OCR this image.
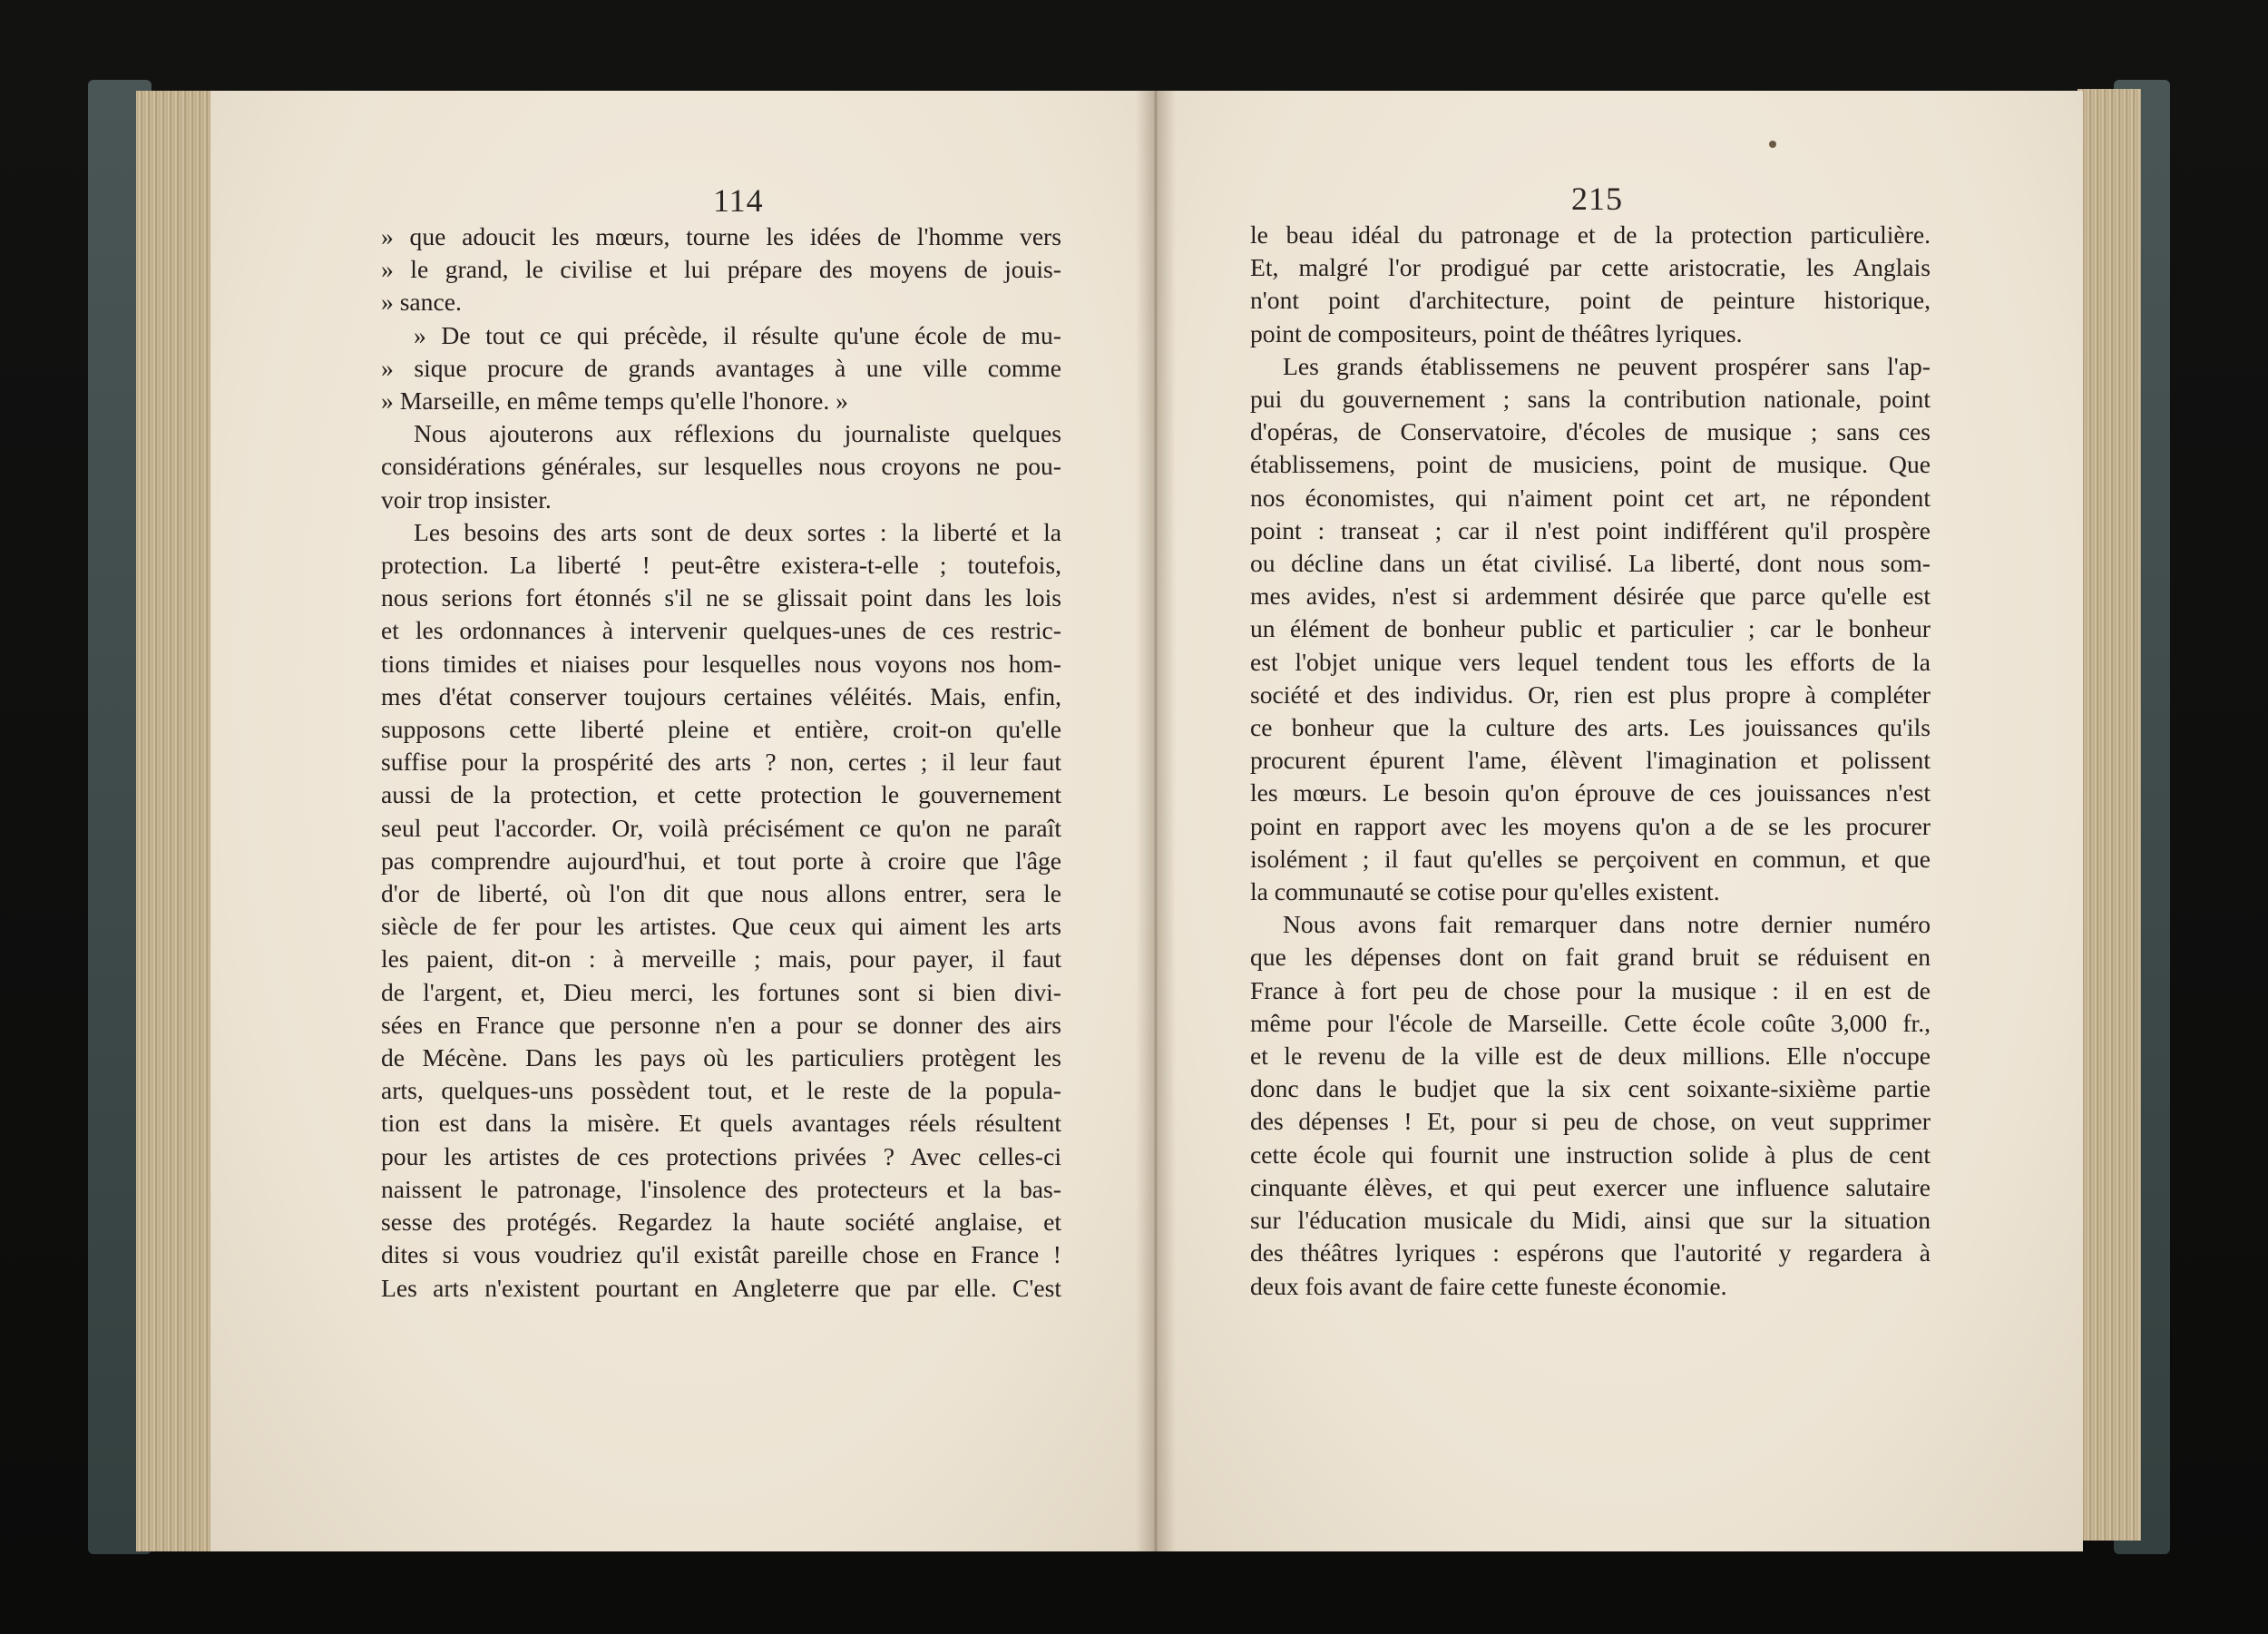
114	215
» que adoucit les mœurs, tourne les idées de l'homme vers
» le grand, le civilise et lui prépare des moyens de jouis-
» sance.
» De tout ce qui précède, il résulte qu'une école de mu-
» sique procure de grands avantages à une ville comme
» Marseille, en même temps qu'elle l'honore. »
Nous ajouterons aux réflexions du journaliste quelques
considérations générales, sur lesquelles nous croyons ne pou-
voir trop insister.
Les besoins des arts sont de deux sortes : la liberté et la
protection. La liberté ! peut-être existera-t-elle ; toutefois,
nous serions fort étonnés s'il ne se glissait point dans les lois
et les ordonnances à intervenir quelques-unes de ces restric-
tions timides et niaises pour lesquelles nous voyons nos hom-
mes d'état conserver toujours certaines véléités. Mais, enfin,
supposons cette liberté pleine et entière, croit-on qu'elle
suffise pour la prospérité des arts ? non, certes ; il leur faut
aussi de la protection, et cette protection le gouvernement
seul peut l'accorder. Or, voilà précisément ce qu'on ne paraît
pas comprendre aujourd'hui, et tout porte à croire que l'âge
d'or de liberté, où l'on dit que nous allons entrer, sera le
siècle de fer pour les artistes. Que ceux qui aiment les arts
les paient, dit-on : à merveille ; mais, pour payer, il faut
de l'argent, et, Dieu merci, les fortunes sont si bien divi-
sées en France que personne n'en a pour se donner des airs
de Mécène. Dans les pays où les particuliers protègent les
arts, quelques-uns possèdent tout, et le reste de la popula-
tion est dans la misère. Et quels avantages réels résultent
pour les artistes de ces protections privées ? Avec celles-ci
naissent le patronage, l'insolence des protecteurs et la bas-
sesse des protégés. Regardez la haute société anglaise, et
dites si vous voudriez qu'il existât pareille chose en France !
Les arts n'existent pourtant en Angleterre que par elle. C'est
le beau idéal du patronage et de la protection particulière.
Et, malgré l'or prodigué par cette aristocratie, les Anglais
n'ont point d'architecture, point de peinture historique,
point de compositeurs, point de théâtres lyriques.
Les grands établissemens ne peuvent prospérer sans l'ap-
pui du gouvernement ; sans la contribution nationale, point
d'opéras, de Conservatoire, d'écoles de musique ; sans ces
établissemens, point de musiciens, point de musique. Que
nos économistes, qui n'aiment point cet art, ne répondent
point : transeat ; car il n'est point indifférent qu'il prospère
ou décline dans un état civilisé. La liberté, dont nous som-
mes avides, n'est si ardemment désirée que parce qu'elle est
un élément de bonheur public et particulier ; car le bonheur
est l'objet unique vers lequel tendent tous les efforts de la
société et des individus. Or, rien est plus propre à compléter
ce bonheur que la culture des arts. Les jouissances qu'ils
procurent épurent l'ame, élèvent l'imagination et polissent
les mœurs. Le besoin qu'on éprouve de ces jouissances n'est
point en rapport avec les moyens qu'on a de se les procurer
isolément ; il faut qu'elles se perçoivent en commun, et que
la communauté se cotise pour qu'elles existent.
Nous avons fait remarquer dans notre dernier numéro
que les dépenses dont on fait grand bruit se réduisent en
France à fort peu de chose pour la musique : il en est de
même pour l'école de Marseille. Cette école coûte 3,000 fr.,
et le revenu de la ville est de deux millions. Elle n'occupe
donc dans le budjet que la six cent soixante-sixième partie
des dépenses ! Et, pour si peu de chose, on veut supprimer
cette école qui fournit une instruction solide à plus de cent
cinquante élèves, et qui peut exercer une influence salutaire
sur l'éducation musicale du Midi, ainsi que sur la situation
des théâtres lyriques : espérons que l'autorité y regardera à
deux fois avant de faire cette funeste économie.
